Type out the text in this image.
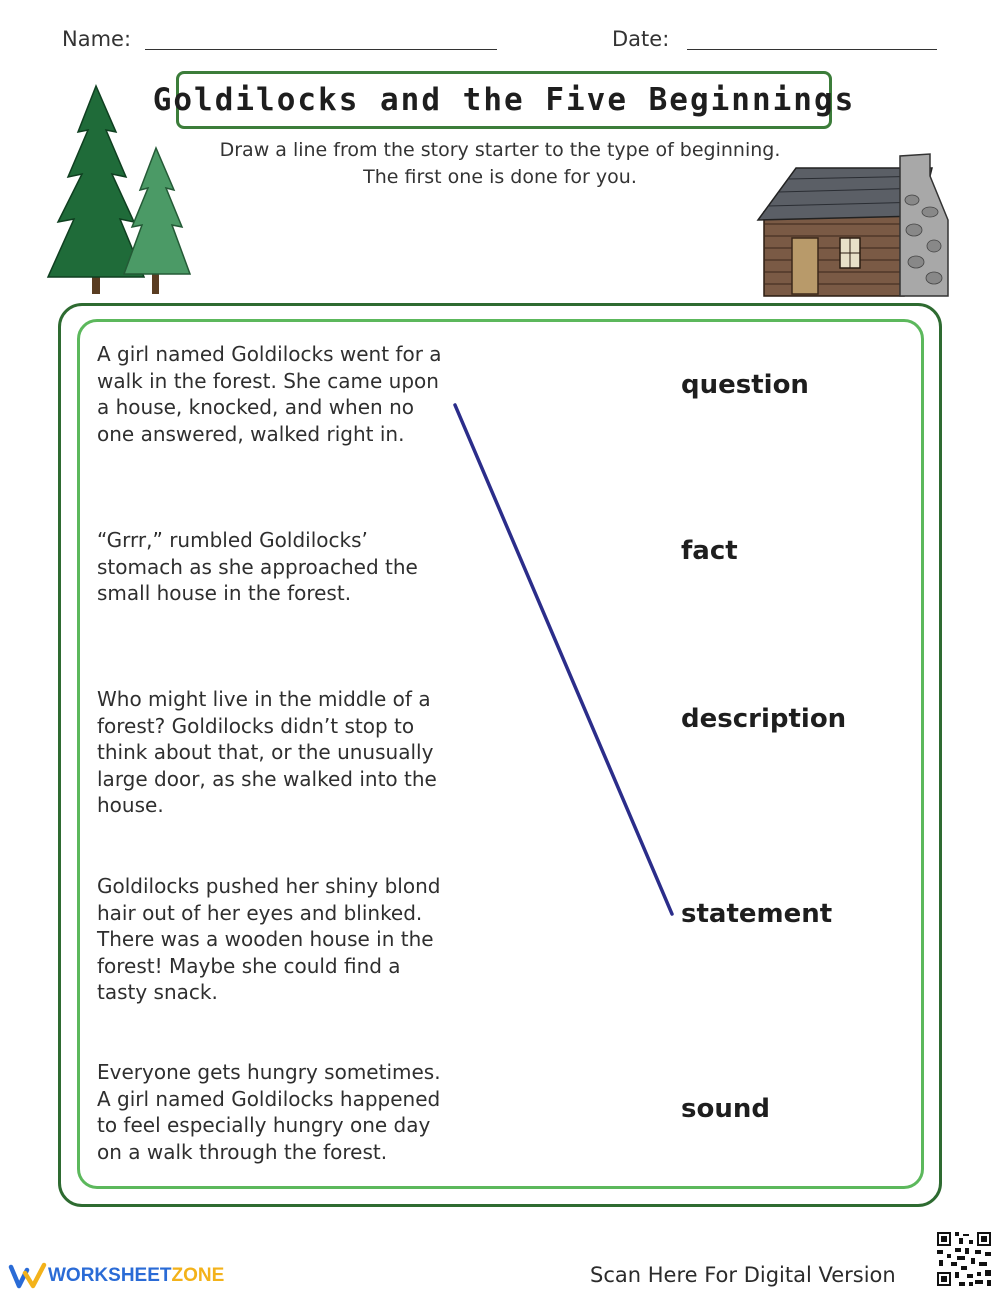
Name:	Date:
Goldilocks and the Five Beginnings
Draw a line from the story starter to the type of beginning.
The first one is done for you.
A girl named Goldilocks went for a
walk in the forest. She came upon
a house, knocked, and when no
one answered, walked right in.
“Grrr,” rumbled Goldilocks’
stomach as she approached the
small house in the forest.
Who might live in the middle of a
forest? Goldilocks didn’t stop to
think about that, or the unusually
large door, as she walked into the
house.
Goldilocks pushed her shiny blond
hair out of her eyes and blinked.
There was a wooden house in the
forest! Maybe she could find a
tasty snack.
Everyone gets hungry sometimes.
A girl named Goldilocks happened
to feel especially hungry one day
on a walk through the forest.
question
fact
description
statement
sound
WORKSHEET ZONE	Scan Here For Digital Version
